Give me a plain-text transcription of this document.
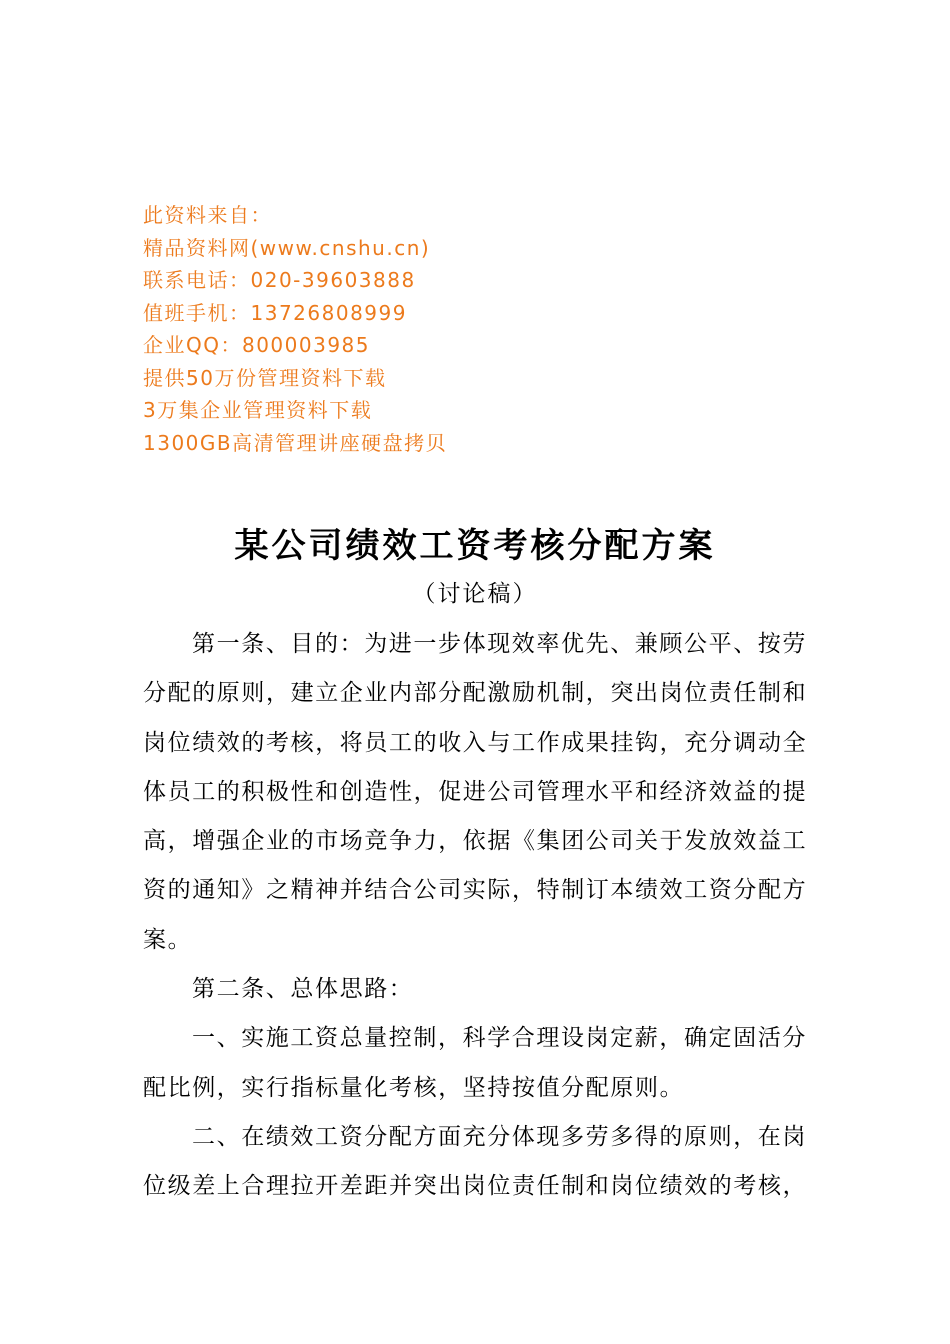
此资料来自：
精品资料网(www.cnshu.cn)
联系电话：020-39603888
值班手机：13726808999
企业QQ：800003985
提供50万份管理资料下载
3万集企业管理资料下载
1300GB高清管理讲座硬盘拷贝
某公司绩效工资考核分配方案
（讨论稿）
第一条、目的：为进一步体现效率优先、兼顾公平、按劳
分配的原则，建立企业内部分配激励机制，突出岗位责任制和
岗位绩效的考核，将员工的收入与工作成果挂钩，充分调动全
体员工的积极性和创造性，促进公司管理水平和经济效益的提
高，增强企业的市场竞争力，依据《集团公司关于发放效益工
资的通知》之精神并结合公司实际，特制订本绩效工资分配方
案。
第二条、总体思路：
一、实施工资总量控制，科学合理设岗定薪，确定固活分
配比例，实行指标量化考核，坚持按值分配原则。
二、在绩效工资分配方面充分体现多劳多得的原则，在岗
位级差上合理拉开差距并突出岗位责任制和岗位绩效的考核，
